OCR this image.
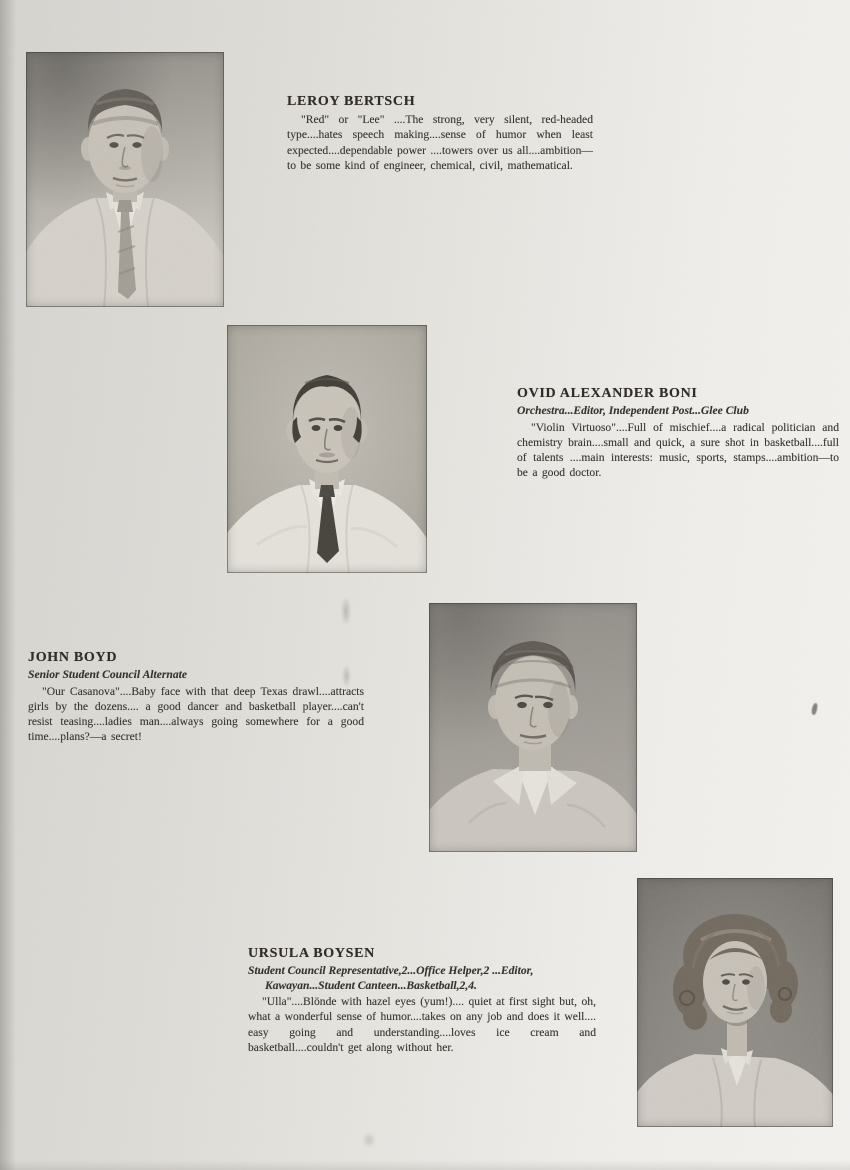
LEROY BERTSCH

"Red" or "Lee" ....The strong, very silent, red-headed type....hates speech making....sense of humor when least expected....dependable power ....towers over us all....ambition—to be some kind of engineer, chemical, civil, mathematical.

OVID ALEXANDER BONI

Orchestra...Editor, Independent Post...Glee Club

"Violin Virtuoso"....Full of mischief....a radical politician and chemistry brain....small and quick, a sure shot in basketball....full of talents ....main interests: music, sports, stamps....ambition—to be a good doctor.

JOHN BOYD

Senior Student Council Alternate

"Our Casanova"....Baby face with that deep Texas drawl....attracts girls by the dozens.... a good dancer and basketball player....can't resist teasing....ladies man....always going somewhere for a good time....plans?—a secret!

URSULA BOYSEN

Student Council Representative,2...Office Helper,2 ...Editor, Kawayan...Student Canteen...Basketball,2,4.

"Ulla"....Blönde with hazel eyes (yum!).... quiet at first sight but, oh, what a wonderful sense of humor....takes on any job and does it well.... easy going and understanding....loves ice cream and basketball....couldn't get along without her.
